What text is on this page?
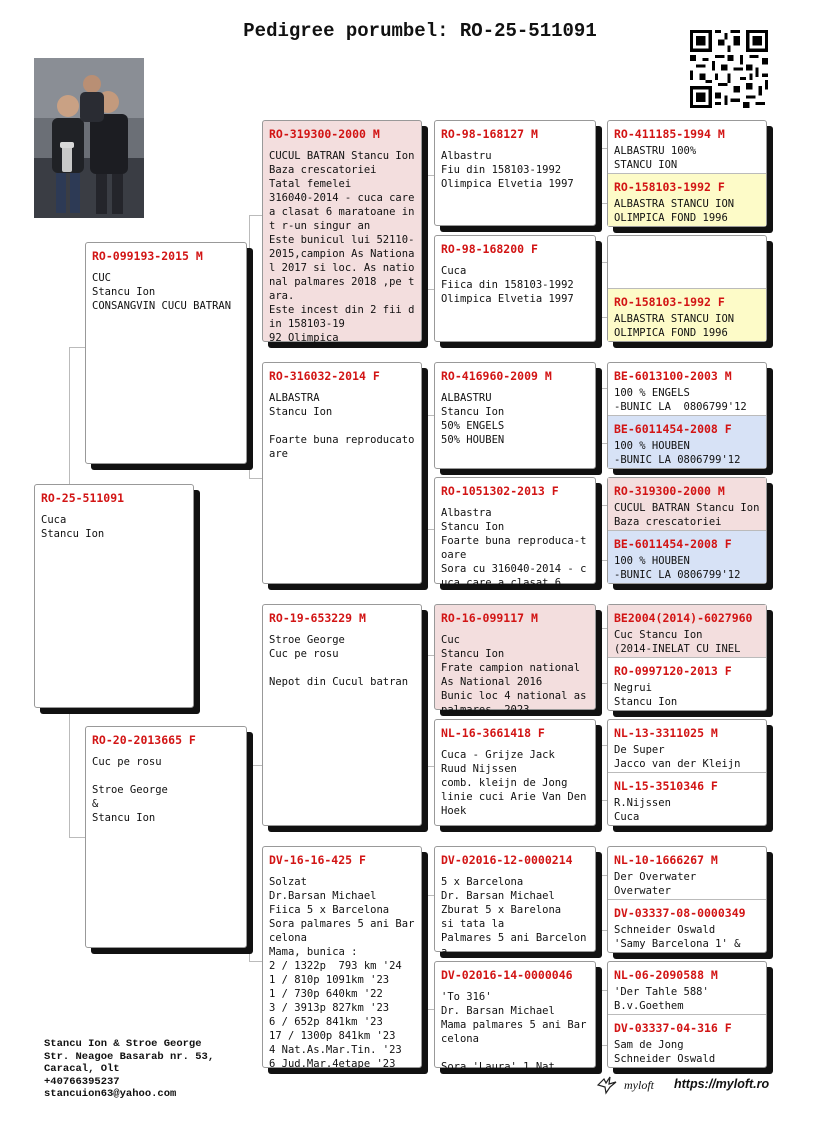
Pedigree porumbel: RO-25-511091
RO-25-511091
Cuca
Stancu Ion
RO-099193-2015 M
CUC
Stancu Ion
CONSANGVIN CUCU BATRAN
RO-20-2013665 F
Cuc pe rosu

Stroe George
&
Stancu Ion
RO-319300-2000 M
CUCUL BATRAN Stancu Ion
Baza crescatoriei
Tatal femelei
316040-2014 - cuca care a clasat 6 maratoane int r-un singur an
Este bunicul lui 52110-2015,campion As National 2017 si loc. As national palmares 2018 ,pe tara.
Este incest din 2 fii din 158103-19
92 Olimpica
RO-316032-2014 F
ALBASTRA
Stancu Ion

Foarte buna reproducatoare
RO-19-653229 M
Stroe George
Cuc pe rosu

Nepot din Cucul batran
DV-16-16-425 F
Solzat
Dr.Barsan Michael
Fiica 5 x Barcelona
Sora palmares 5 ani Barcelona
Mama, bunica :
2 / 1322p  793 km '24
1 / 810p 1091km '23
1 / 730p 640km '22
3 / 3913p 827km '23
6 / 652p 841km '23
17 / 1300p 841km '23
4 Nat.As.Mar.Tin. '23
6 Jud.Mar.4etape '23
RO-98-168127 M
Albastru
Fiu din 158103-1992
Olimpica Elvetia 1997
RO-98-168200 F
Cuca
Fiica din 158103-1992
Olimpica Elvetia 1997
RO-416960-2009 M
ALBASTRU
Stancu Ion
50% ENGELS
50% HOUBEN
RO-1051302-2013 F
Albastra
Stancu Ion
Foarte buna reproduca-toare
Sora cu 316040-2014 - cuca care a clasat 6
RO-16-099117 M
Cuc
Stancu Ion
Frate campion national As National 2016
Bunic loc 4 national as palmares, 2023
NL-16-3661418 F
Cuca - Grijze Jack
Ruud Nijssen
comb. kleijn de Jong
linie cuci Arie Van Den Hoek
DV-02016-12-0000214
5 x Barcelona
Dr. Barsan Michael
Zburat 5 x Barelona
si tata la
Palmares 5 ani Barcelona
DV-02016-14-0000046
'To 316'
Dr. Barsan Michael
Mama palmares 5 ani Barcelona

Sora 'Laura' 1 Nat
RO-411185-1994 M
ALBASTRU 100%
STANCU ION
RO-158103-1992 F
ALBASTRA STANCU ION
OLIMPICA FOND 1996
RO-158103-1992 F
ALBASTRA STANCU ION
OLIMPICA FOND 1996
BE-6013100-2003 M
100 % ENGELS
-BUNIC LA  0806799'12
BE-6011454-2008 F
100 % HOUBEN
-BUNIC LA 0806799'12
RO-319300-2000 M
CUCUL BATRAN Stancu Ion
Baza crescatoriei
BE-6011454-2008 F
100 % HOUBEN
-BUNIC LA 0806799'12
BE2004(2014)-6027960
Cuc Stancu Ion
(2014-INELAT CU INEL
RO-0997120-2013 F
Negrui
Stancu Ion
NL-13-3311025 M
De Super
Jacco van der Kleijn
NL-15-3510346 F
R.Nijssen
Cuca
NL-10-1666267 M
Der Overwater
Overwater
DV-03337-08-0000349
Schneider Oswald
'Samy Barcelona 1' &
NL-06-2090588 M
'Der Tahle 588'
B.v.Goethem
DV-03337-04-316 F
Sam de Jong
Schneider Oswald
Stancu Ion & Stroe George
Str. Neagoe Basarab nr. 53,
Caracal, Olt
+40766395237
stancuion63@yahoo.com
myloft https://myloft.ro
